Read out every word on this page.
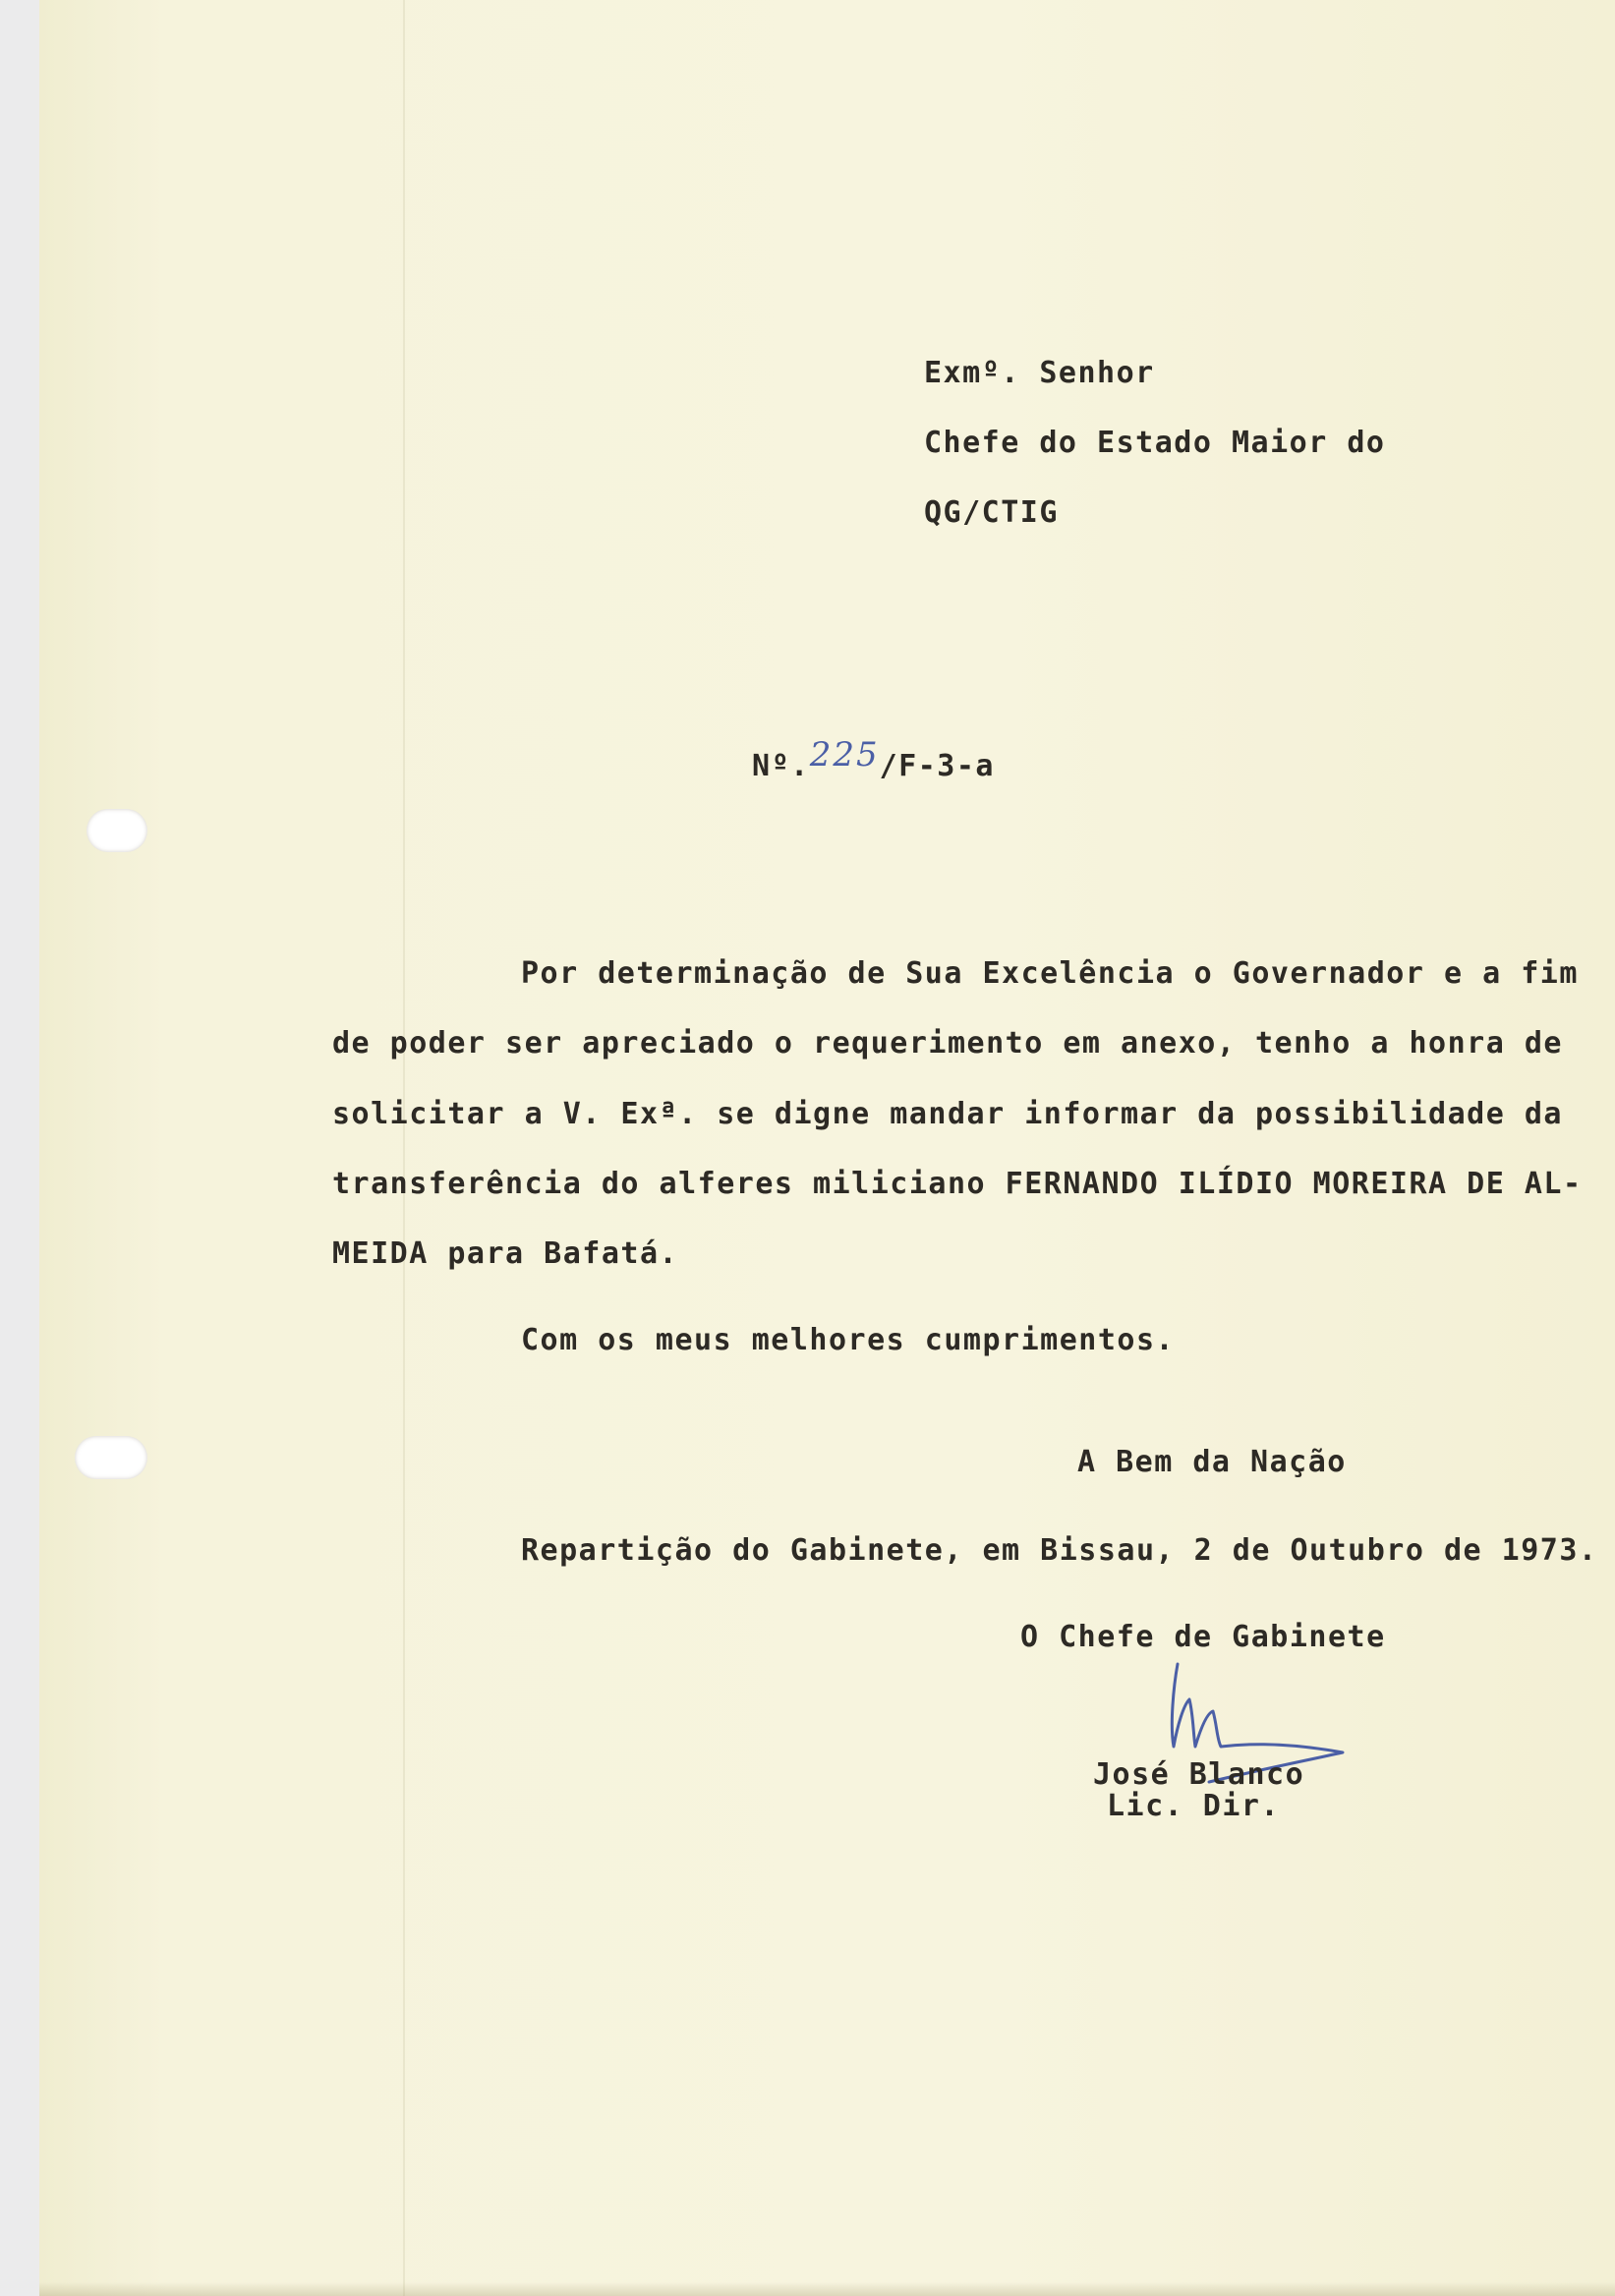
Exmº. Senhor
Chefe do Estado Maior do
QG/CTIG
Nº.225/F-3-a
Por determinação de Sua Excelência o Governador e a fim
de poder ser apreciado o requerimento em anexo, tenho a honra de
solicitar a V. Exª. se digne mandar informar da possibilidade da
transferência do alferes miliciano FERNANDO ILÍDIO MOREIRA DE AL-
MEIDA para Bafatá.
Com os meus melhores cumprimentos.
A Bem da Nação
Repartição do Gabinete, em Bissau, 2 de Outubro de 1973.
O Chefe de Gabinete
José Blanco
Lic. Dir.
